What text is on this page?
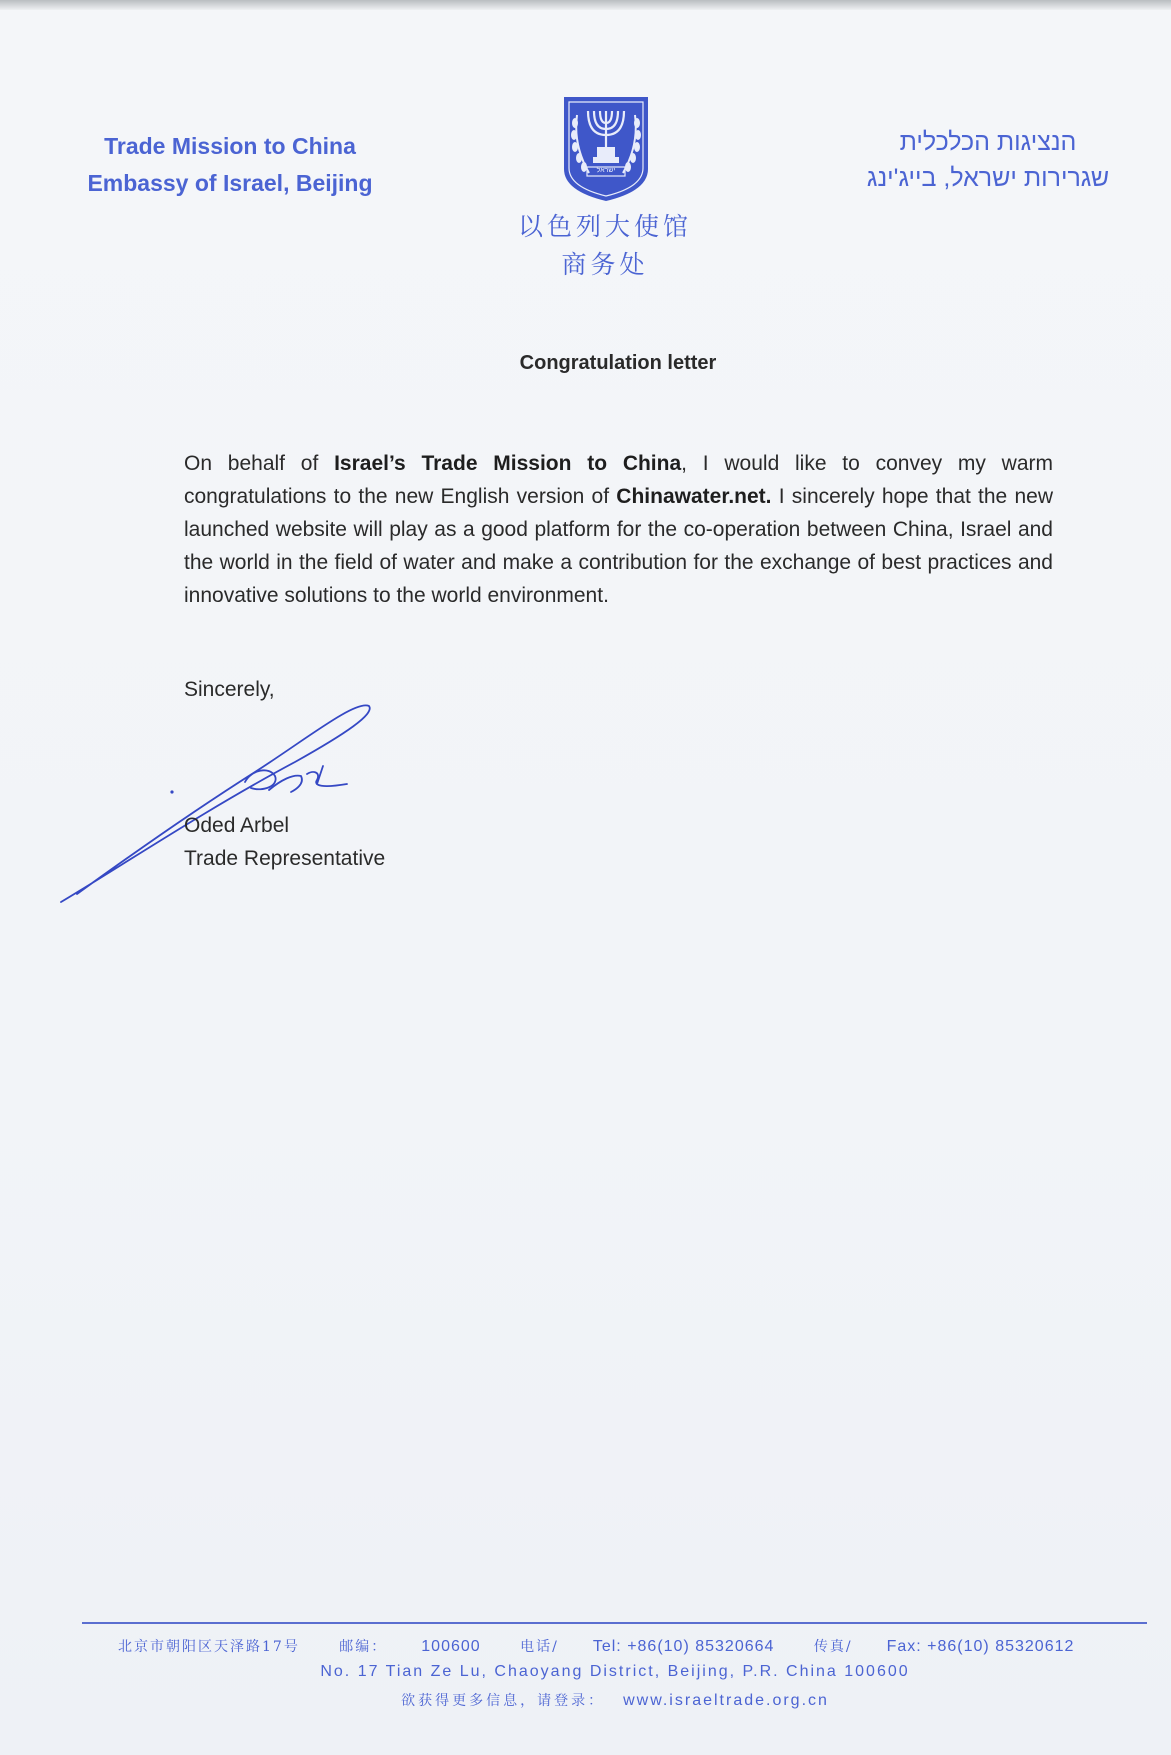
Trade Mission to China
Embassy of Israel, Beijing	ישראל
以色列大使馆
商务处
הנציגות הכלכלית
שגרירות ישראל, בייג'ינג
Congratulation letter
On behalf of Israel’s Trade Mission to China, I would like to convey my warm congratulations to the new English version of Chinawater.net. I sincerely hope that the new launched website will play as a good platform for the co-operation between China, Israel and the world in the field of water and make a contribution for the exchange of best practices and innovative solutions to the world environment.
Sincerely,
Oded Arbel
Trade Representative
北京市朝阳区天泽路17号	邮编： 100600	电话/ Tel: +86(10) 85320664	传真/ Fax: +86(10) 85320612
No. 17 Tian Ze Lu, Chaoyang District, Beijing, P.R. China 100600
欲获得更多信息，请登录： www.israeltrade.org.cn
